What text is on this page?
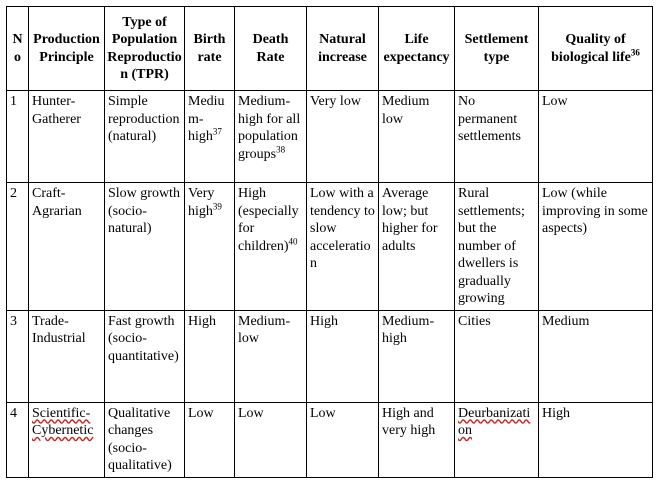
No	Production Principle	Type of Population Reproduction (TPR)	Birth rate	Death Rate	Natural increase	Life expectancy	Settlement type	Quality of biological life$^{36}$
1	Hunter-Gatherer	Simple reproduction (natural)	Medium-high$^{37}$	Medium-high for all population groups$^{38}$	Very low	Medium low	No permanent settlements	Low
2	Craft-Agrarian	Slow growth (socio-natural)	Very high$^{39}$	High (especially for children)$^{40}$	Low with a tendency to slow acceleration	Average low; but higher for adults	Rural settlements; but the number of dwellers is gradually growing	Low (while improving in some aspects)
3	Trade-Industrial	Fast growth (socio-quantitative)	High	Medium-low	High	Medium-high	Cities	Medium
4	Scientific-Cybernetic	Qualitative changes (socio-qualitative)	Low	Low	Low	High and very high	Deurbanization	High
